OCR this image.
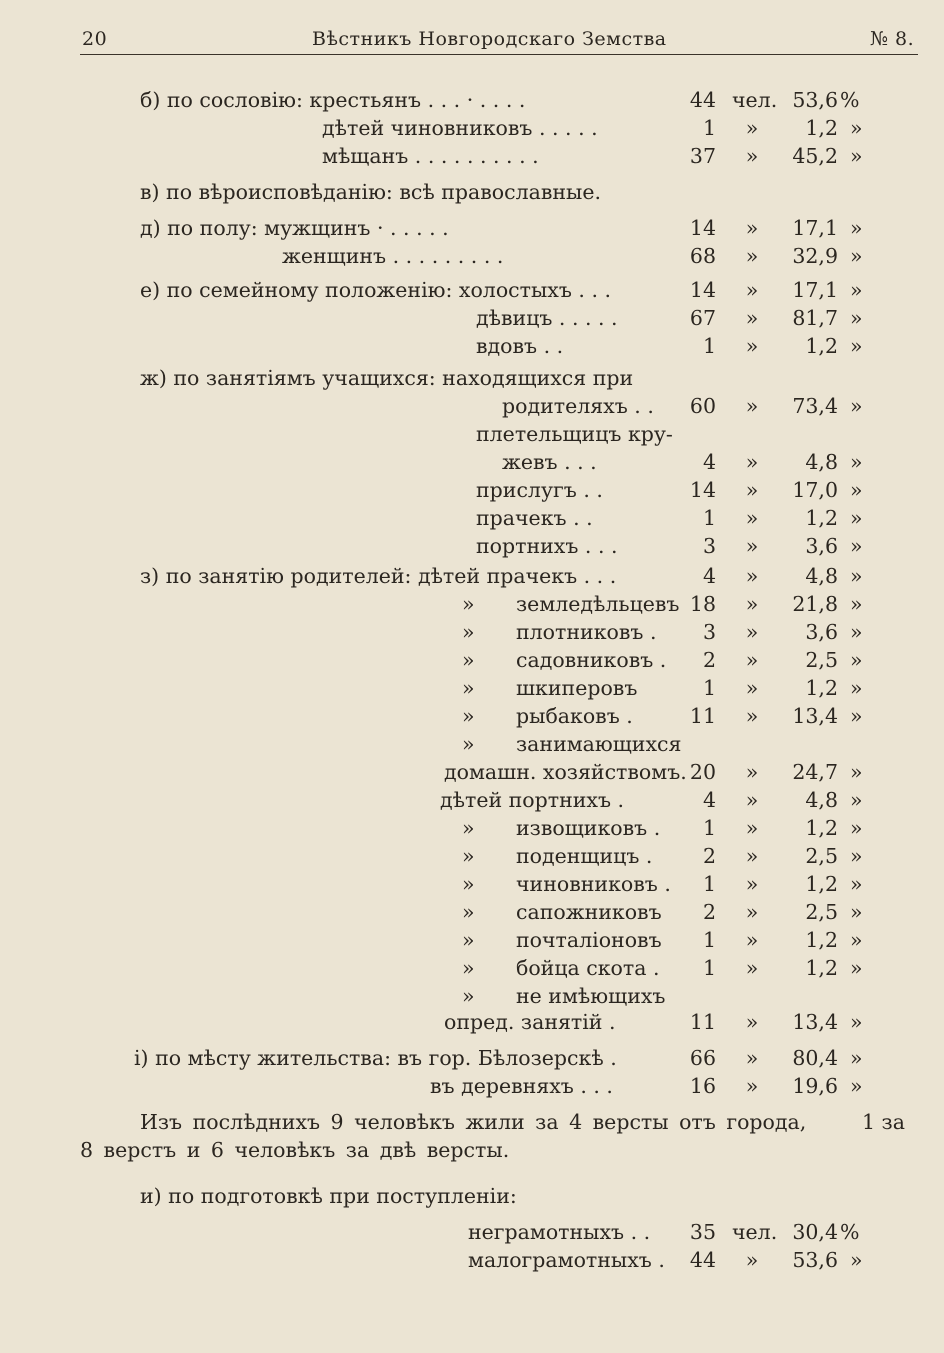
20	Вѣстникъ Новгородскаго Земства	№ 8.
б) по сословію: крестьянъ . . . · . . . .	44 чел. 53,6 %
дѣтей чиновниковъ . . . . .	1 »	1,2 »
мѣщанъ . . . . . . . . . .	37 »	45,2 »
в) по вѣроисповѣданію: всѣ православные.
д) по полу: мужщинъ · . . . . .	14 »	17,1 »
женщинъ . . . . . . . . .	68 »	32,9 »
е) по семейному положенію: холостыхъ . . .	14 »	17,1 »
дѣвицъ . . . . .	67 »	81,7 »
вдовъ . .	1 »	1,2 »
ж) по занятіямъ учащихся: находящихся при
родителяхъ . . 60 »	73,4 »
плетельщицъ кру-
жевъ . . .	4 »	4,8 »
прислугъ . .	14 »	17,0 »
прачекъ . .	1 »	1,2 »
портнихъ . . .	3 »	3,6 »
з) по занятію родителей: дѣтей прачекъ . . .	4 »	4,8 »
» земледѣльцевъ 18 »	21,8 »
» плотниковъ .	3 »	3,6 »
» садовниковъ .	2 »	2,5 »
» шкиперовъ	1 »	1,2 »
» рыбаковъ .	11 »	13,4 »
» занимающихся
домашн. хозяйствомъ. 20 »	24,7 »
дѣтей портнихъ .	4 »	4,8 »
» извощиковъ .	1 »	1,2 »
» поденщицъ .	2 »	2,5 »
» чиновниковъ .	1 »	1,2 »
» сапожниковъ	2 »	2,5 »
» почталіоновъ	1 »	1,2 »
» бойца скота .	1 »	1,2 »
» не имѣющихъ
опред. занятій .	11 »	13,4 »
і) по мѣсту жительства: въ гор. Бѣлозерскѣ .	66 »	80,4 »
въ деревняхъ . . .	16 »	19,6 »
Изъ послѣднихъ 9 человѣкъ жили за 4 версты отъ города,	1 за
8 верстъ и 6 человѣкъ за двѣ версты.
и) по подготовкѣ при поступленіи:
неграмотныхъ . . 35 чел. 30,4 %
малограмотныхъ . 44 »	53,6 »
